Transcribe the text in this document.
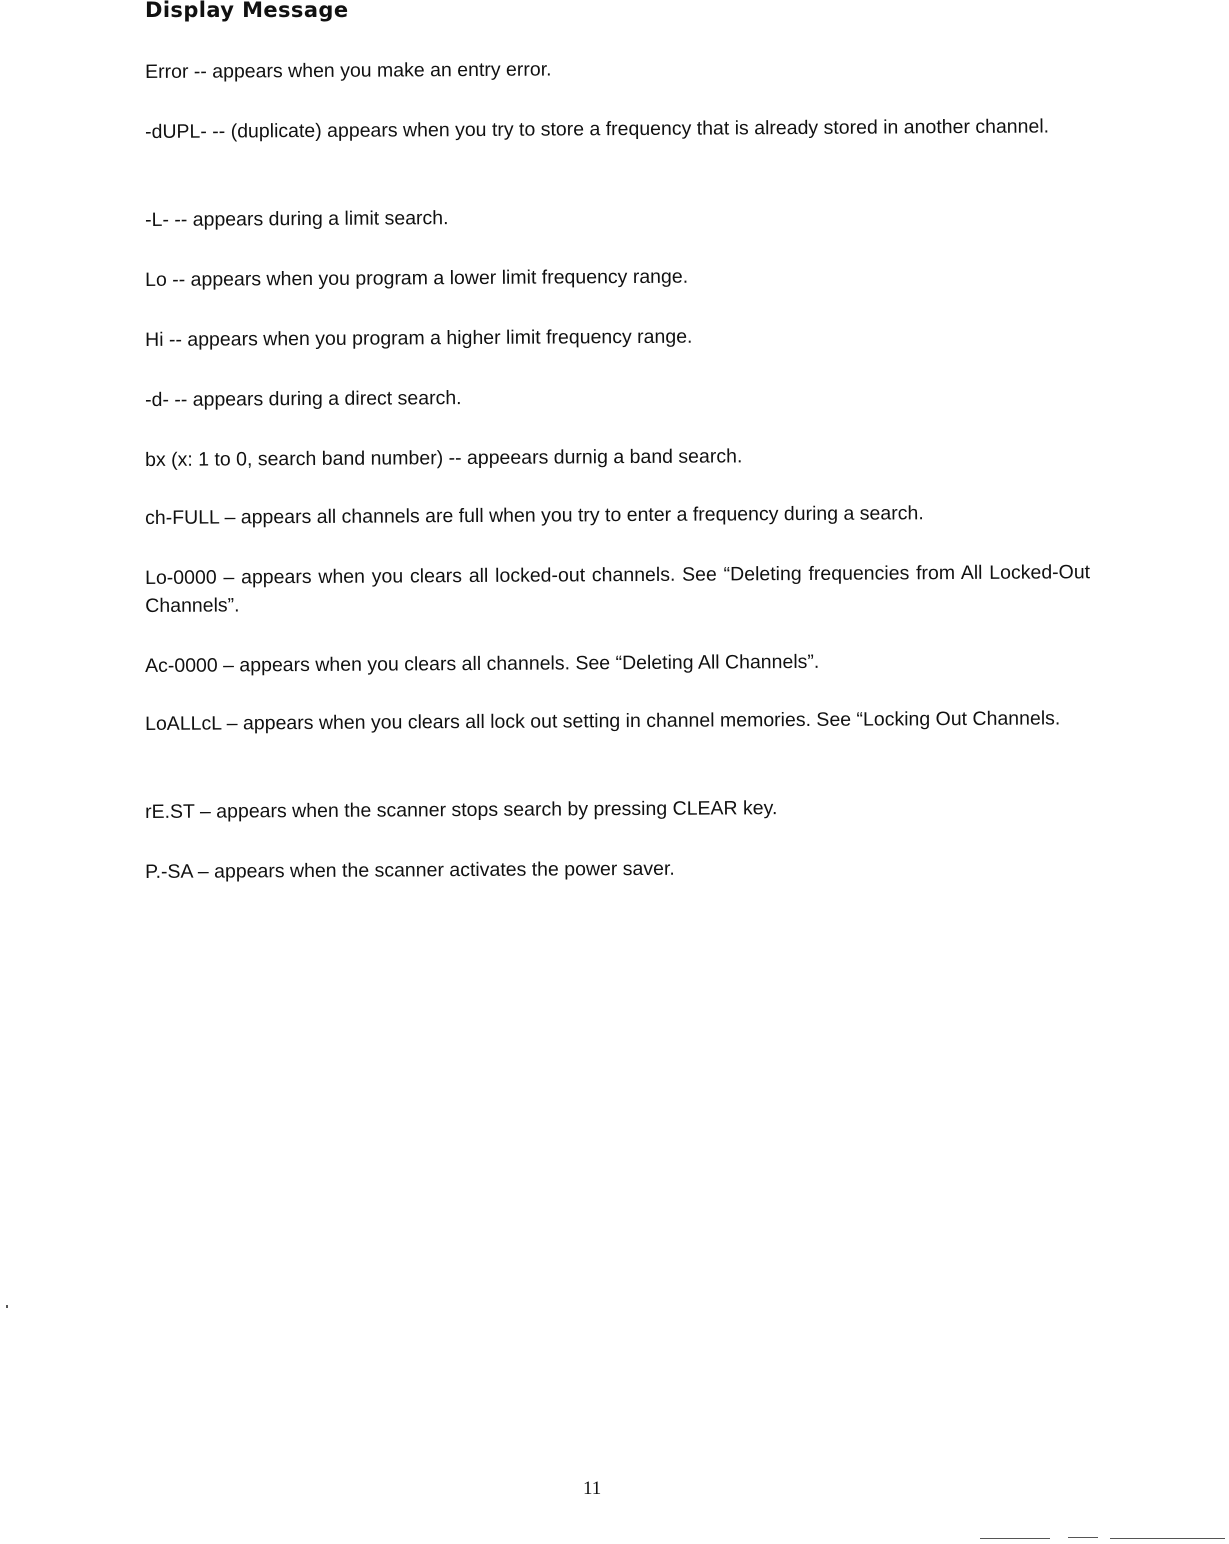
Display Message

Error -- appears when you make an entry error.

-dUPL- -- (duplicate) appears when you try to store a frequency that is already stored in another channel.

-L- -- appears during a limit search.

Lo -- appears when you program a lower limit frequency range.

Hi -- appears when you program a higher limit frequency range.

-d- -- appears during a direct search.

bx (x: 1 to 0, search band number) -- appeears durnig a band search.

ch-FULL – appears all channels are full when you try to enter a frequency during a search.

Lo-0000 – appears when you clears all locked-out channels. See “Deleting frequencies from All Locked-Out Channels”.

Ac-0000 – appears when you clears all channels. See “Deleting All Channels”.

LoALLcL – appears when you clears all lock out setting in channel memories. See “Locking Out Channels.

rE.ST – appears when the scanner stops search by pressing CLEAR key.

P.-SA – appears when the scanner activates the power saver.

11
